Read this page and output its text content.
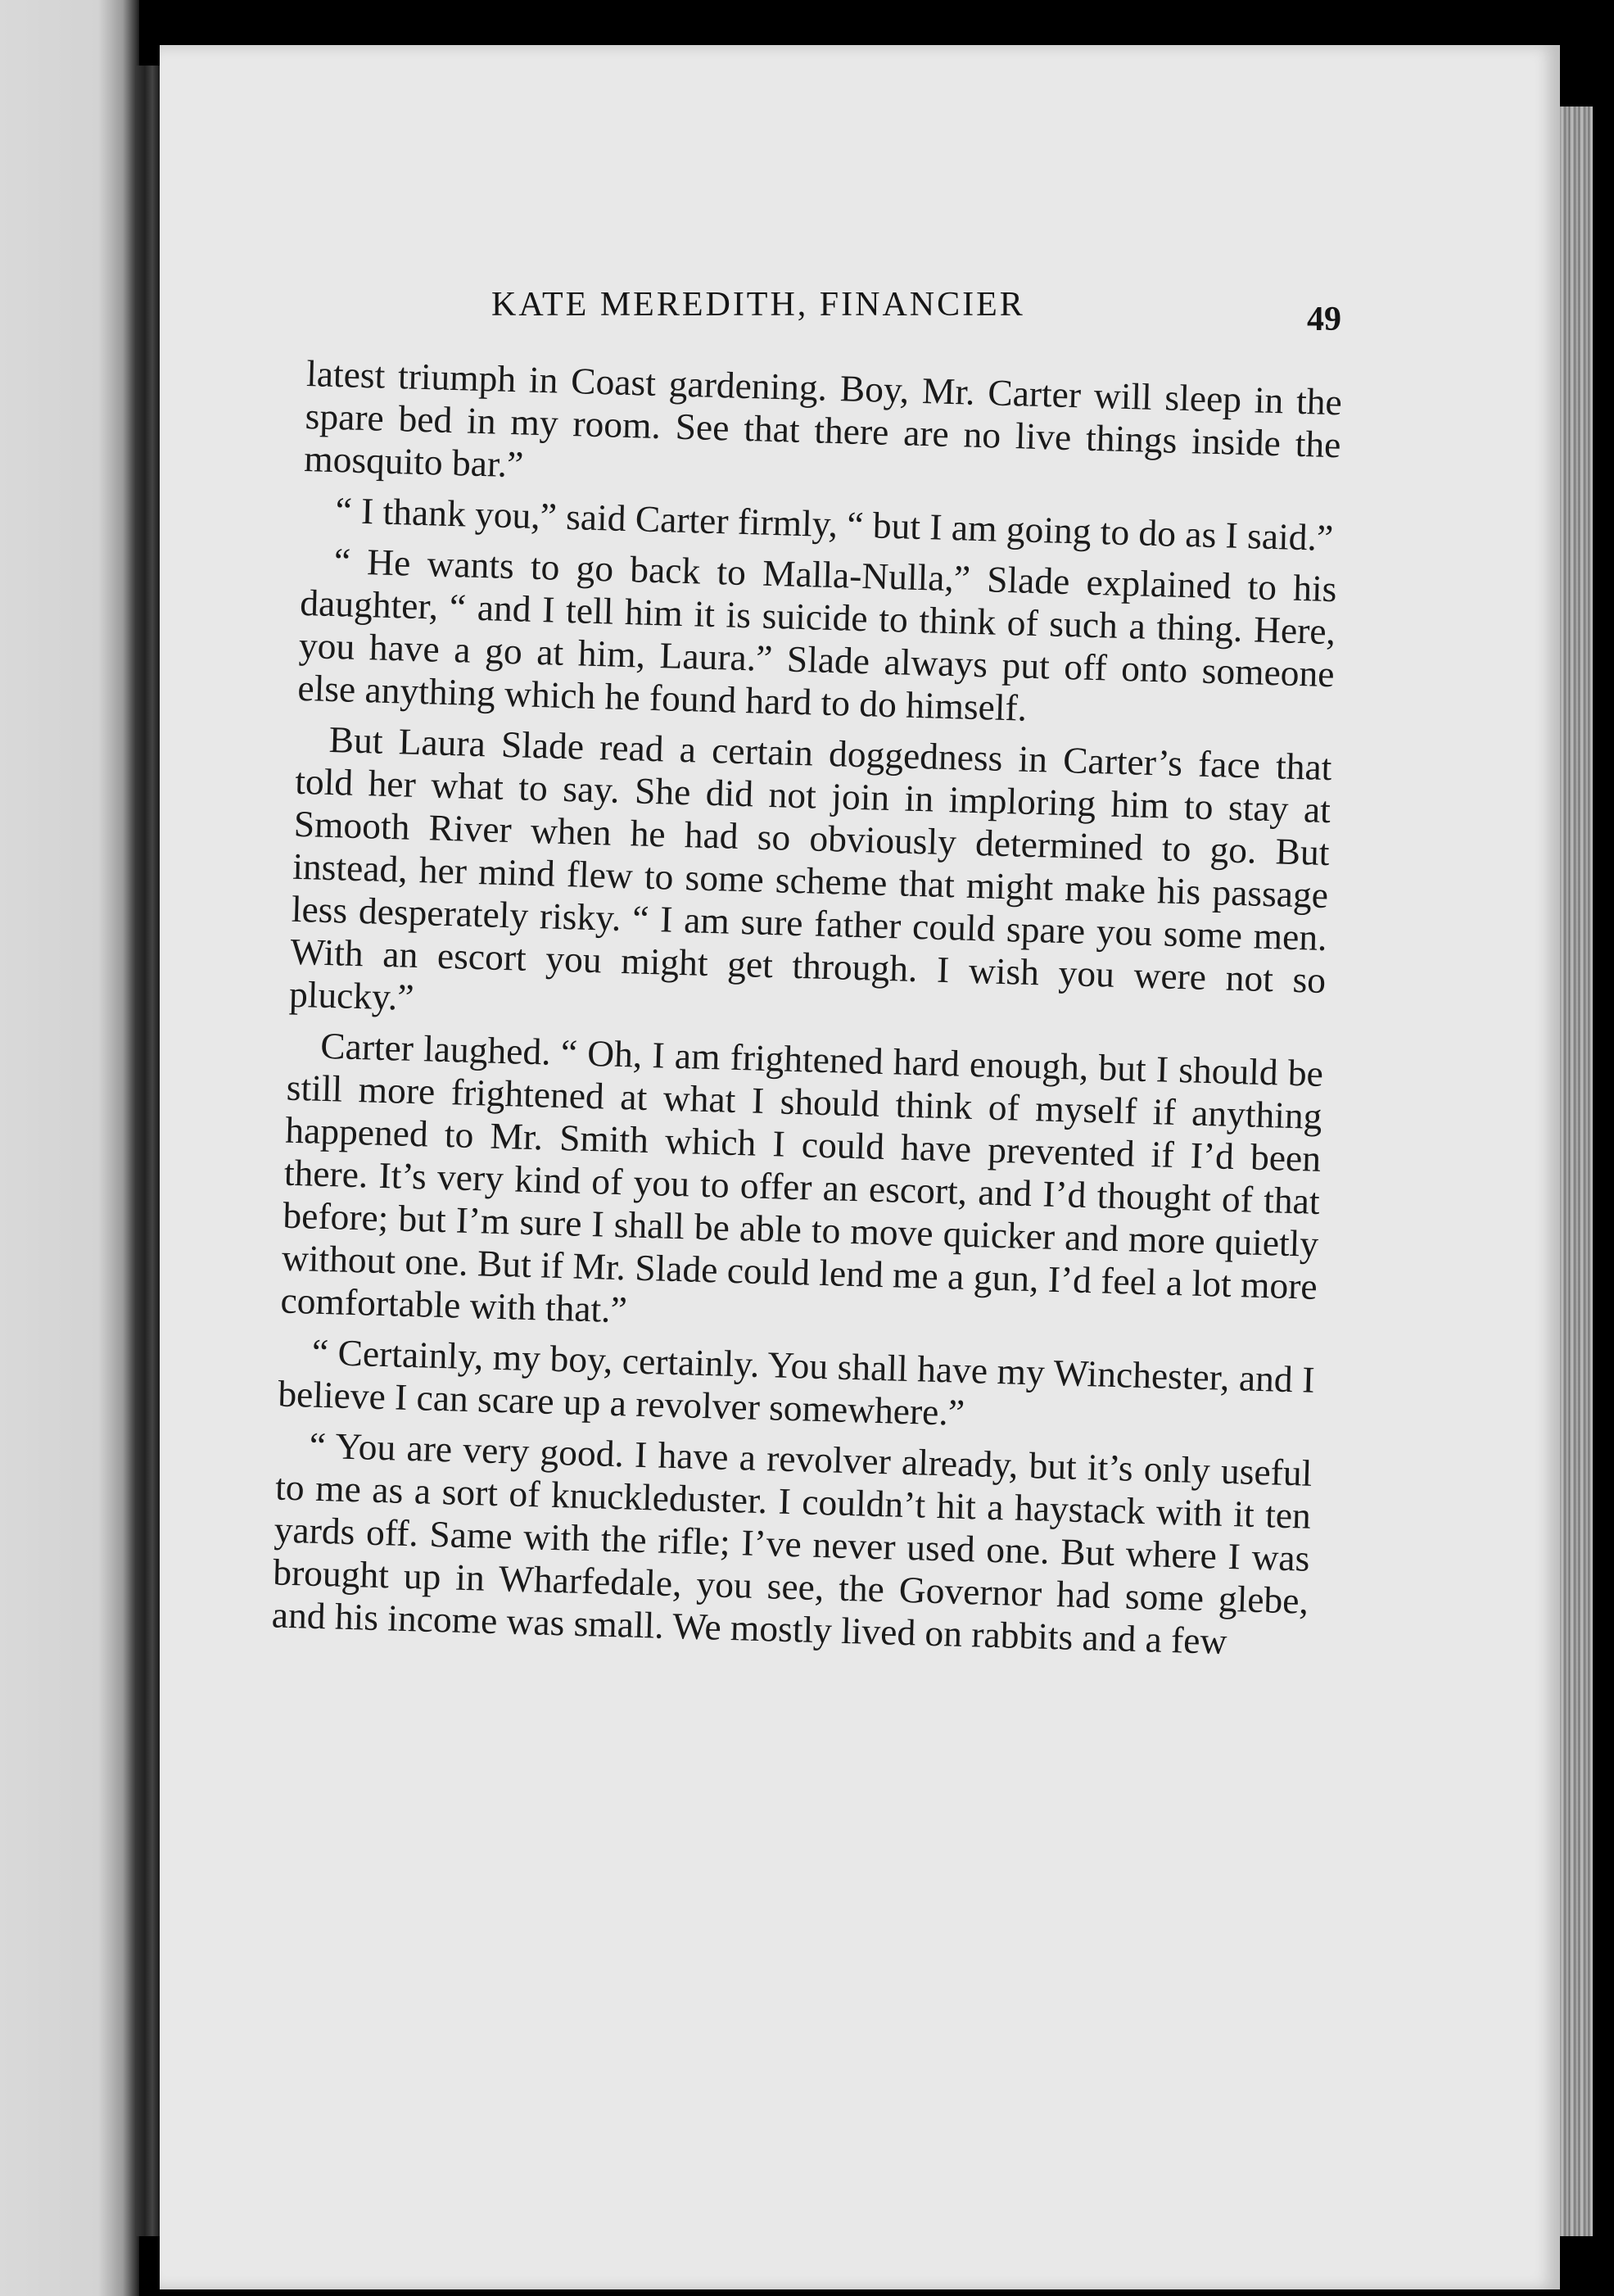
KATE MEREDITH, FINANCIER	49

latest triumph in Coast gardening. Boy, Mr. Carter will sleep in the spare bed in my room. See that there are no live things inside the mosquito bar.”

“ I thank you,” said Carter firmly, “ but I am going to do as I said.”

“ He wants to go back to Malla-Nulla,” Slade explained to his daughter, “ and I tell him it is suicide to think of such a thing. Here, you have a go at him, Laura.” Slade always put off onto someone else anything which he found hard to do himself.

But Laura Slade read a certain doggedness in Carter’s face that told her what to say. She did not join in imploring him to stay at Smooth River when he had so obviously determined to go. But instead, her mind flew to some scheme that might make his passage less desperately risky. “ I am sure father could spare you some men. With an escort you might get through. I wish you were not so plucky.”

Carter laughed. “ Oh, I am frightened hard enough, but I should be still more frightened at what I should think of myself if anything happened to Mr. Smith which I could have prevented if I’d been there. It’s very kind of you to offer an escort, and I’d thought of that before; but I’m sure I shall be able to move quicker and more quietly without one. But if Mr. Slade could lend me a gun, I’d feel a lot more comfortable with that.”

“ Certainly, my boy, certainly. You shall have my Winchester, and I believe I can scare up a revolver somewhere.”

“ You are very good. I have a revolver already, but it’s only useful to me as a sort of knuckleduster. I couldn’t hit a haystack with it ten yards off. Same with the rifle; I’ve never used one. But where I was brought up in Wharfedale, you see, the Governor had some glebe, and his income was small. We mostly lived on rabbits and a few
